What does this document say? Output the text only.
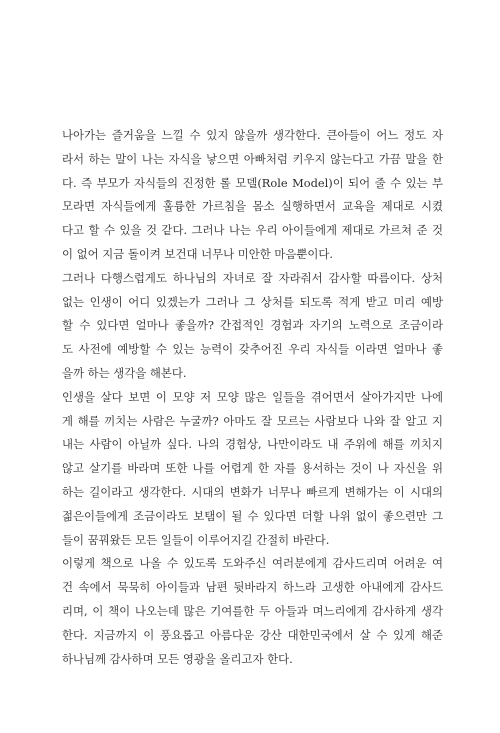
나아가는 즐거움을 느낄 수 있지 않을까 생각한다. 큰아들이 어느 정도 자
라서 하는 말이 나는 자식을 낳으면 아빠처럼 키우지 않는다고 가끔 말을 한
다. 즉 부모가 자식들의 진정한 롤 모델(Role Model)이 되어 줄 수 있는 부
모라면 자식들에게 훌륭한 가르침을 몸소 실행하면서 교육을 제대로 시켰
다고 할 수 있을 것 같다. 그러나 나는 우리 아이들에게 제대로 가르쳐 준 것
이 없어 지금 돌이켜 보건대 너무나 미안한 마음뿐이다.
그러나 다행스럽게도 하나님의 자녀로 잘 자라줘서 감사할 따름이다. 상처
없는 인생이 어디 있겠는가 그러나 그 상처를 되도록 적게 받고 미리 예방
할 수 있다면 얼마나 좋을까? 간접적인 경험과 자기의 노력으로 조금이라
도 사전에 예방할 수 있는 능력이 갖추어진 우리 자식들 이라면 얼마나 좋
을까 하는 생각을 해본다.
인생을 살다 보면 이 모양 저 모양 많은 일들을 겪어면서 살아가지만 나에
게 해를 끼치는 사람은 누굴까? 아마도 잘 모르는 사람보다 나와 잘 알고 지
내는 사람이 아닐까 싶다. 나의 경험상, 나만이라도 내 주위에 해를 끼치지
않고 살기를 바라며 또한 나를 어렵게 한 자를 용서하는 것이 나 자신을 위
하는 길이라고 생각한다. 시대의 변화가 너무나 빠르게 변해가는 이 시대의
젊은이들에게 조금이라도 보탬이 될 수 있다면 더할 나위 없이 좋으련만 그
들이 꿈꿔왔든 모든 일들이 이루어지길 간절히 바란다.
이렇게 책으로 나올 수 있도록 도와주신 여러분에게 감사드리며 어려운 여
건 속에서 묵묵히 아이들과 남편 뒷바라지 하느라 고생한 아내에게 감사드
리며, 이 책이 나오는데 많은 기여를한 두 아들과 며느리에게 감사하게 생각
한다. 지금까지 이 풍요롭고 아름다운 강산 대한민국에서 살 수 있게 해준
하나님께 감사하며 모든 영광을 올리고자 한다.
